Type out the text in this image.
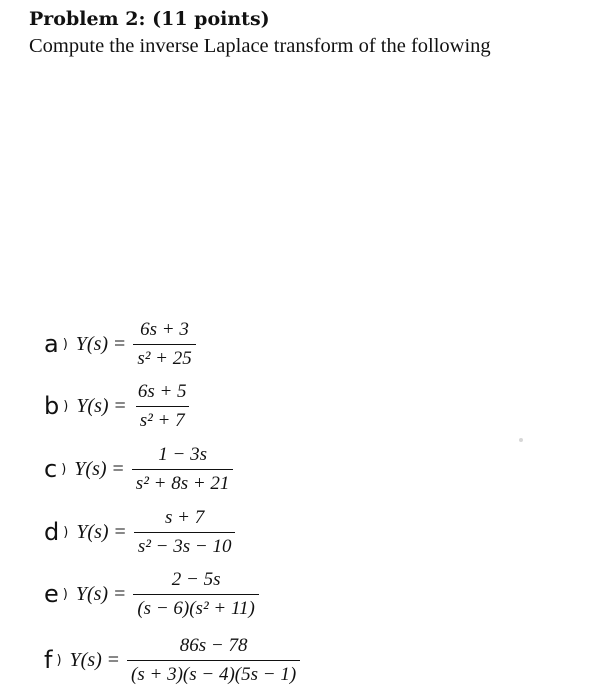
Problem 2: (11 points)
Compute the inverse Laplace transform of the following
a ) $Y(s) = \frac{6s + 3}{\text{s² + 25}}$
b ) $Y(s) = \frac{6s + 5}{\text{s² + 7}}$
c ) $Y(s) = \frac{1 - 3s}{\text{s² + 8s + 21}}$
d ) $Y(s) = \frac{s + 7}{\text{s² − 3s − 10}}$
e ) $Y(s) = \frac{2 - 5s}{\text{(s − 6)(s² + 11)}}$
f ) $Y(s) = \frac{86s - 78}{(s + 3)(s - 4)(5s - 1)}$
